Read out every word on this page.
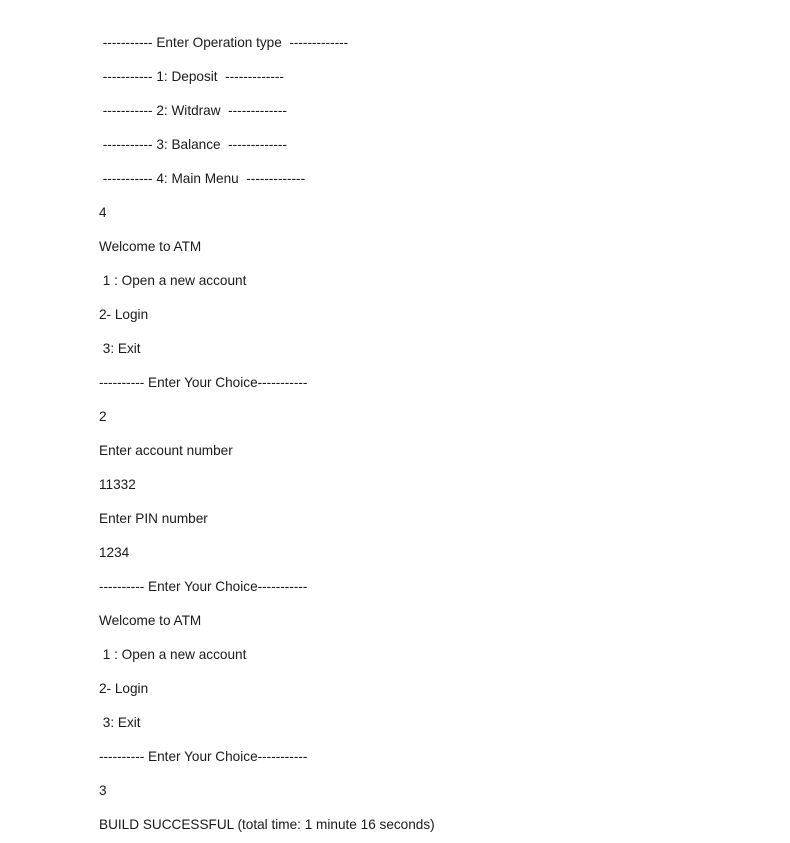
----------- Enter Operation type  -------------
----------- 1: Deposit  -------------
----------- 2: Witdraw  -------------
----------- 3: Balance  -------------
----------- 4: Main Menu  -------------
4
Welcome to ATM
1 : Open a new account
2- Login
3: Exit
---------- Enter Your Choice-----------
2
Enter account number
11332
Enter PIN number
1234
---------- Enter Your Choice-----------
Welcome to ATM
1 : Open a new account
2- Login
3: Exit
---------- Enter Your Choice-----------
3
BUILD SUCCESSFUL (total time: 1 minute 16 seconds)
